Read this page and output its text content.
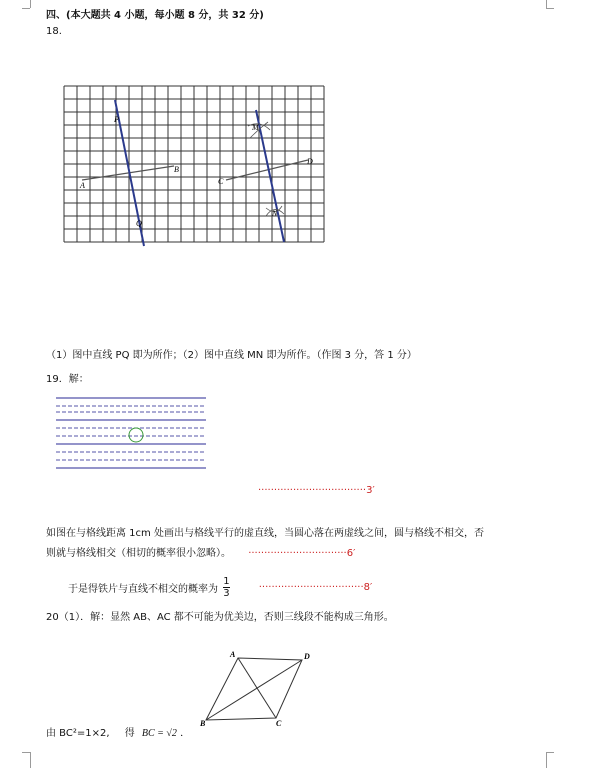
四、(本大题共 4 小题，每小题 8 分，共 32 分)
18.
P
Q
A
B
C
D
M
N
（1）图中直线 PQ 即为所作；（2）图中直线 MN 即为所作。（作图 3 分，答 1 分）
19．解：
··································3′
如图在与格线距离 1cm 处画出与格线平行的虚直线，当圆心落在两虚线之间，圆与格线不相交，否
则就与格线相交（相切的概率很小忽略）。 ·······························6′
于是得铁片与直线不相交的概率为 $\frac{1}{3}$	·································8′
20（1）．解：显然 AB、AC 都不可能为优美边，否则三线段不能构成三角形。
A	D
B	C
由 BC²=1×2, 得 BC = √2 ．
